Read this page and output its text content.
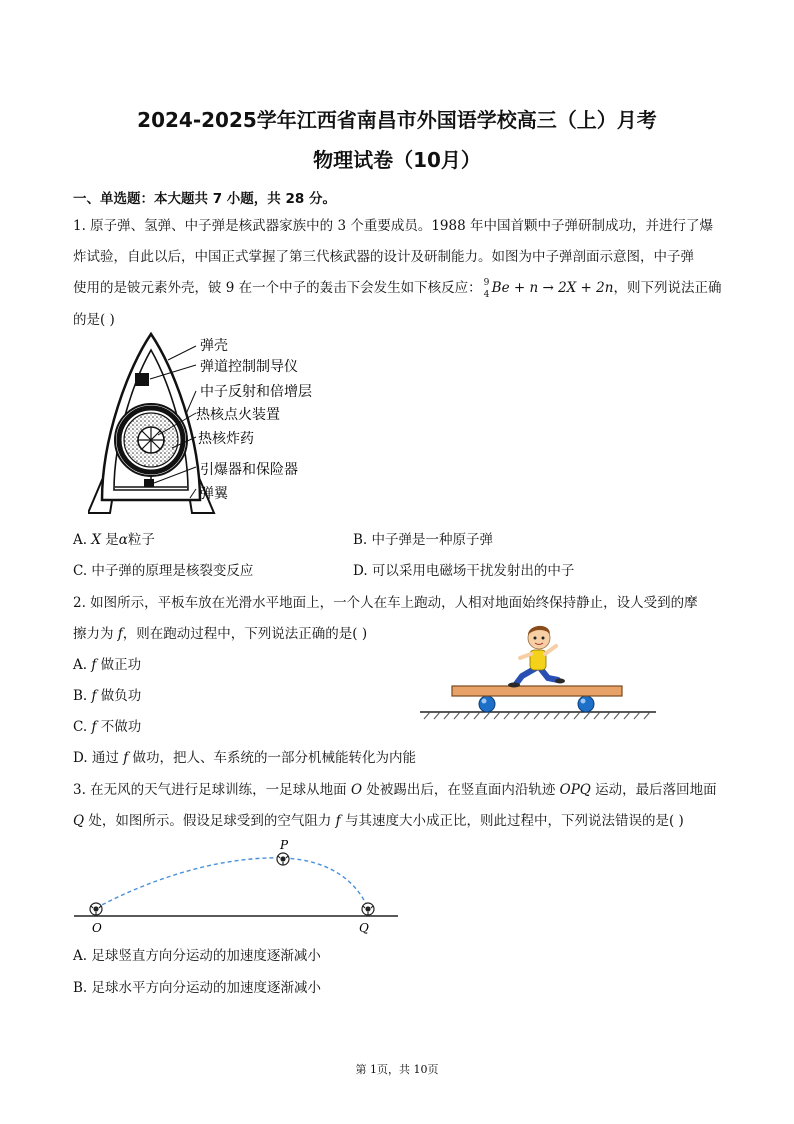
2024-2025学年江西省南昌市外国语学校高三（上）月考
物理试卷（10月）
一、单选题：本大题共 7 小题，共 28 分。
1. 原子弹、氢弹、中子弹是核武器家族中的 3 个重要成员。1988 年中国首颗中子弹研制成功，并进行了爆
炸试验，自此以后，中国正式掌握了第三代核武器的设计及研制能力。如图为中子弹剖面示意图，中子弹
使用的是铍元素外壳，铍 9 在一个中子的轰击下会发生如下核反应： 9
4 Be + n → 2X + 2n，则下列说法正确
的是( )
弹壳
弹道控制制导仪
中子反射和倍增层
热核点火装置
热核炸药
引爆器和保险器
弹翼
A. X 是α粒子	B. 中子弹是一种原子弹
C. 中子弹的原理是核裂变反应	D. 可以采用电磁场干扰发射出的中子
2. 如图所示，平板车放在光滑水平地面上，一个人在车上跑动，人相对地面始终保持静止，设人受到的摩
擦力为 f，则在跑动过程中，下列说法正确的是( )
A. f 做正功
B. f 做负功
C. f 不做功
D. 通过 f 做功，把人、车系统的一部分机械能转化为内能
3. 在无风的天气进行足球训练，一足球从地面 O 处被踢出后，在竖直面内沿轨迹 OPQ 运动，最后落回地面
Q 处，如图所示。假设足球受到的空气阻力 f 与其速度大小成正比，则此过程中，下列说法错误的是( )
P
O	Q
A. 足球竖直方向分运动的加速度逐渐减小
B. 足球水平方向分运动的加速度逐渐减小
第 1页，共 10页
